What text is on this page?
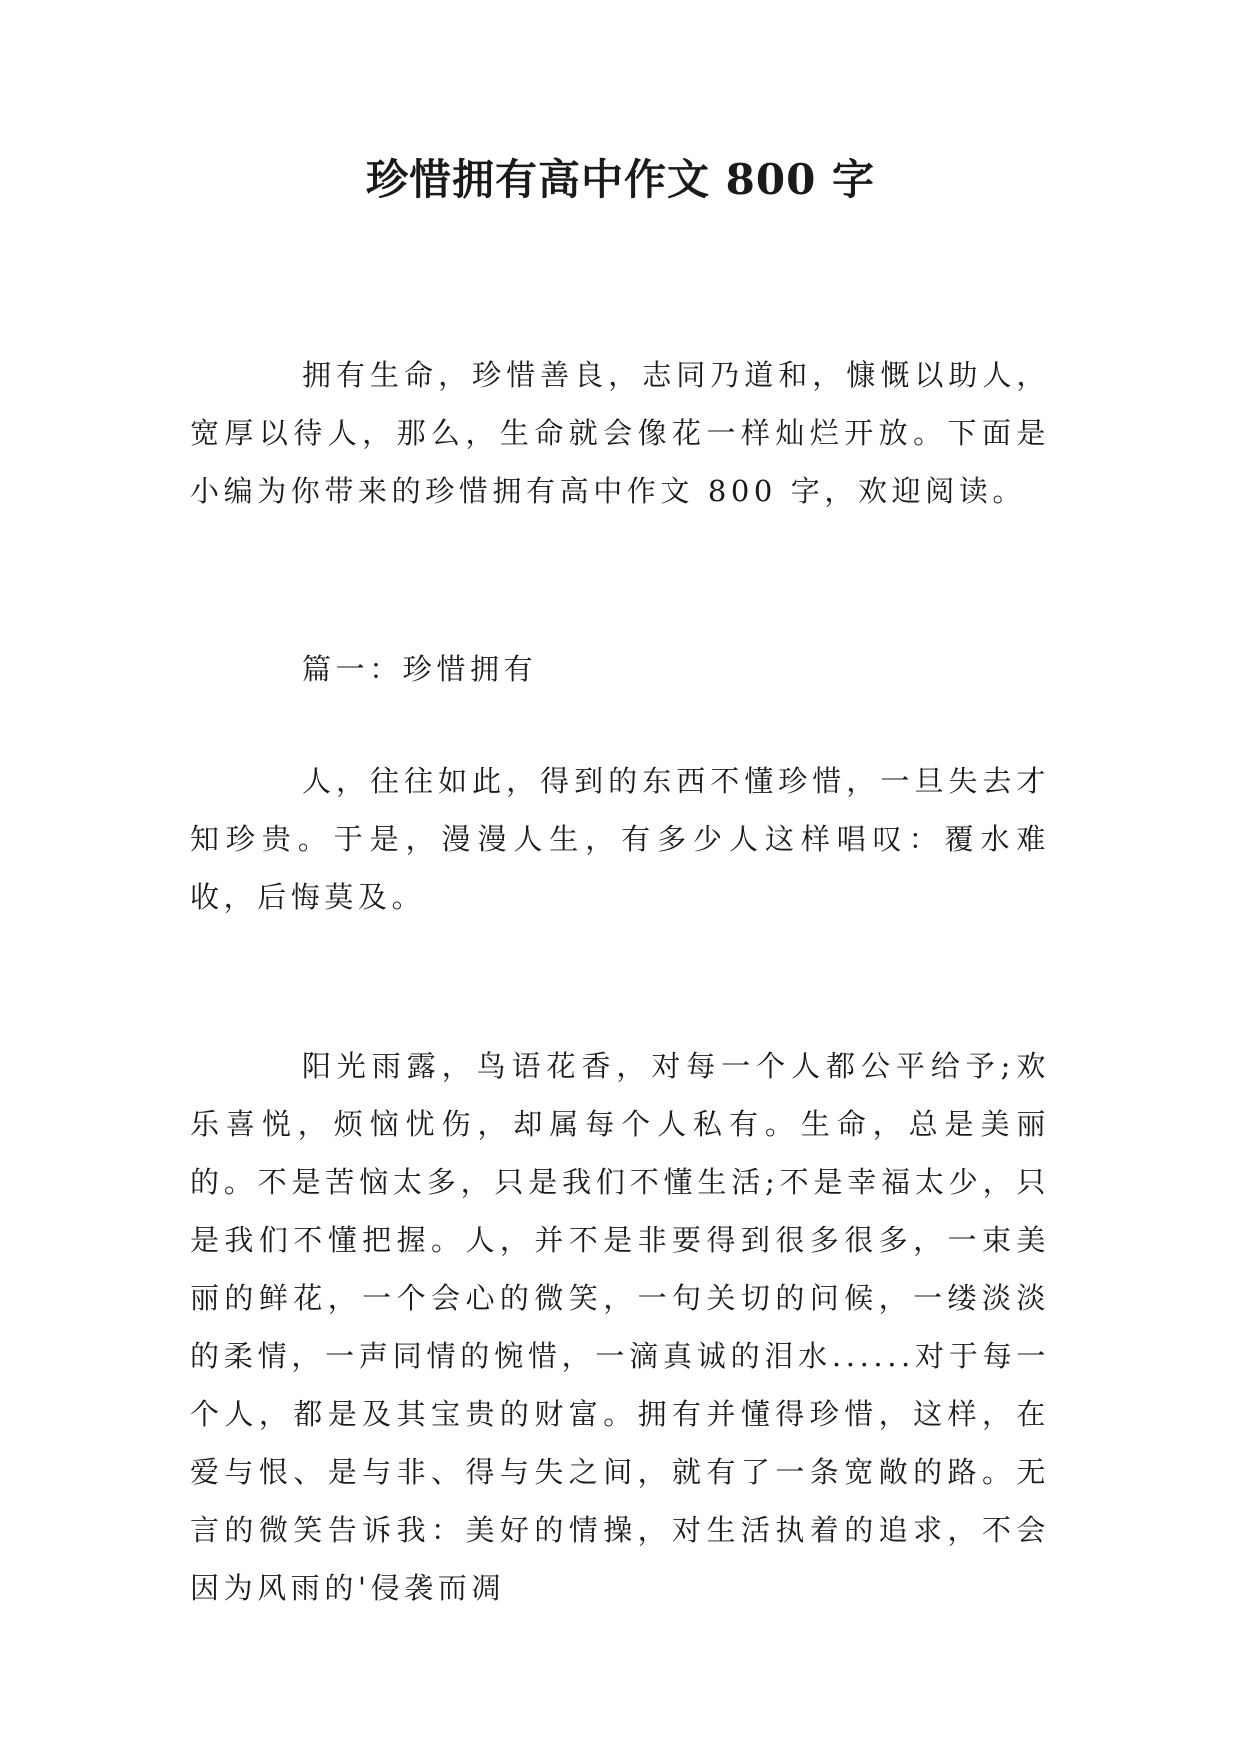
珍惜拥有高中作文 800 字

拥有生命，珍惜善良，志同乃道和，慷慨以助人，宽厚以待人，那么，生命就会像花一样灿烂开放。下面是小编为你带来的珍惜拥有高中作文 800 字，欢迎阅读。

篇一：珍惜拥有

人，往往如此，得到的东西不懂珍惜，一旦失去才知珍贵。于是，漫漫人生，有多少人这样唱叹：覆水难收，后悔莫及。

阳光雨露，鸟语花香，对每一个人都公平给予;欢乐喜悦，烦恼忧伤，却属每个人私有。生命，总是美丽的。不是苦恼太多，只是我们不懂生活;不是幸福太少，只是我们不懂把握。人，并不是非要得到很多很多，一束美丽的鲜花，一个会心的微笑，一句关切的问候，一缕淡淡的柔情，一声同情的惋惜，一滴真诚的泪水......对于每一个人，都是及其宝贵的财富。拥有并懂得珍惜，这样，在爱与恨、是与非、得与失之间，就有了一条宽敞的路。无言的微笑告诉我：美好的情操，对生活执着的追求，不会因为风雨的'侵袭而凋
